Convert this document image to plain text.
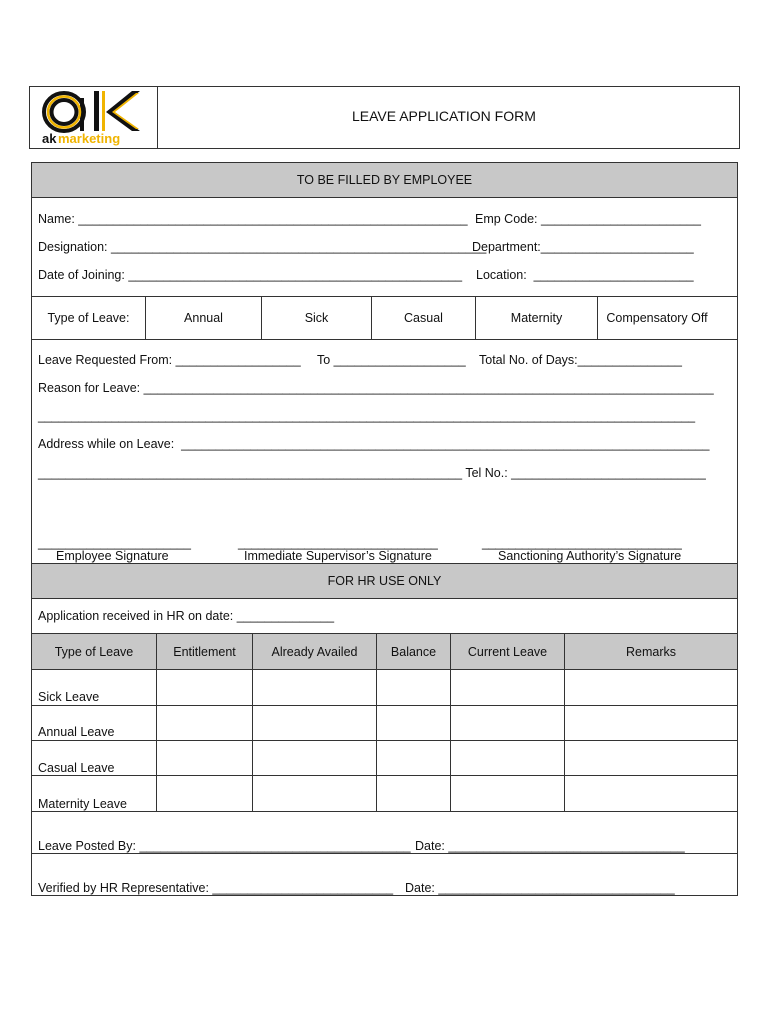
ak marketing
LEAVE APPLICATION FORM
TO BE FILLED BY EMPLOYEE
Name: ________________________________________________________ Emp Code: _______________________
Designation: ______________________________________________________
Department:______________________
Date of Joining: ________________________________________________ Location:  _______________________
Type of Leave:	Annual	Sick	Casual	Maternity	Compensatory Off
Leave Requested From: __________________ To ___________________ Total No. of Days:_______________
Reason for Leave: __________________________________________________________________________________
__________________________________________________________________________________________________
Address while on Leave:  ____________________________________________________________________________
_____________________________________________________________ Tel No.: ____________________________
______________________	______________________________	______________________________
Employee Signature	Immediate Supervisor’s Signature	Sanctioning Authority’s Signature
FOR HR USE ONLY
Application received in HR on date: ______________
Type of Leave	Entitlement	Already Availed	Balance	Current Leave	Remarks
Sick Leave
Annual Leave
Casual Leave
Maternity Leave
Leave Posted By: _______________________________________ Date: __________________________________
Verified by HR Representative: __________________________ Date: __________________________________
